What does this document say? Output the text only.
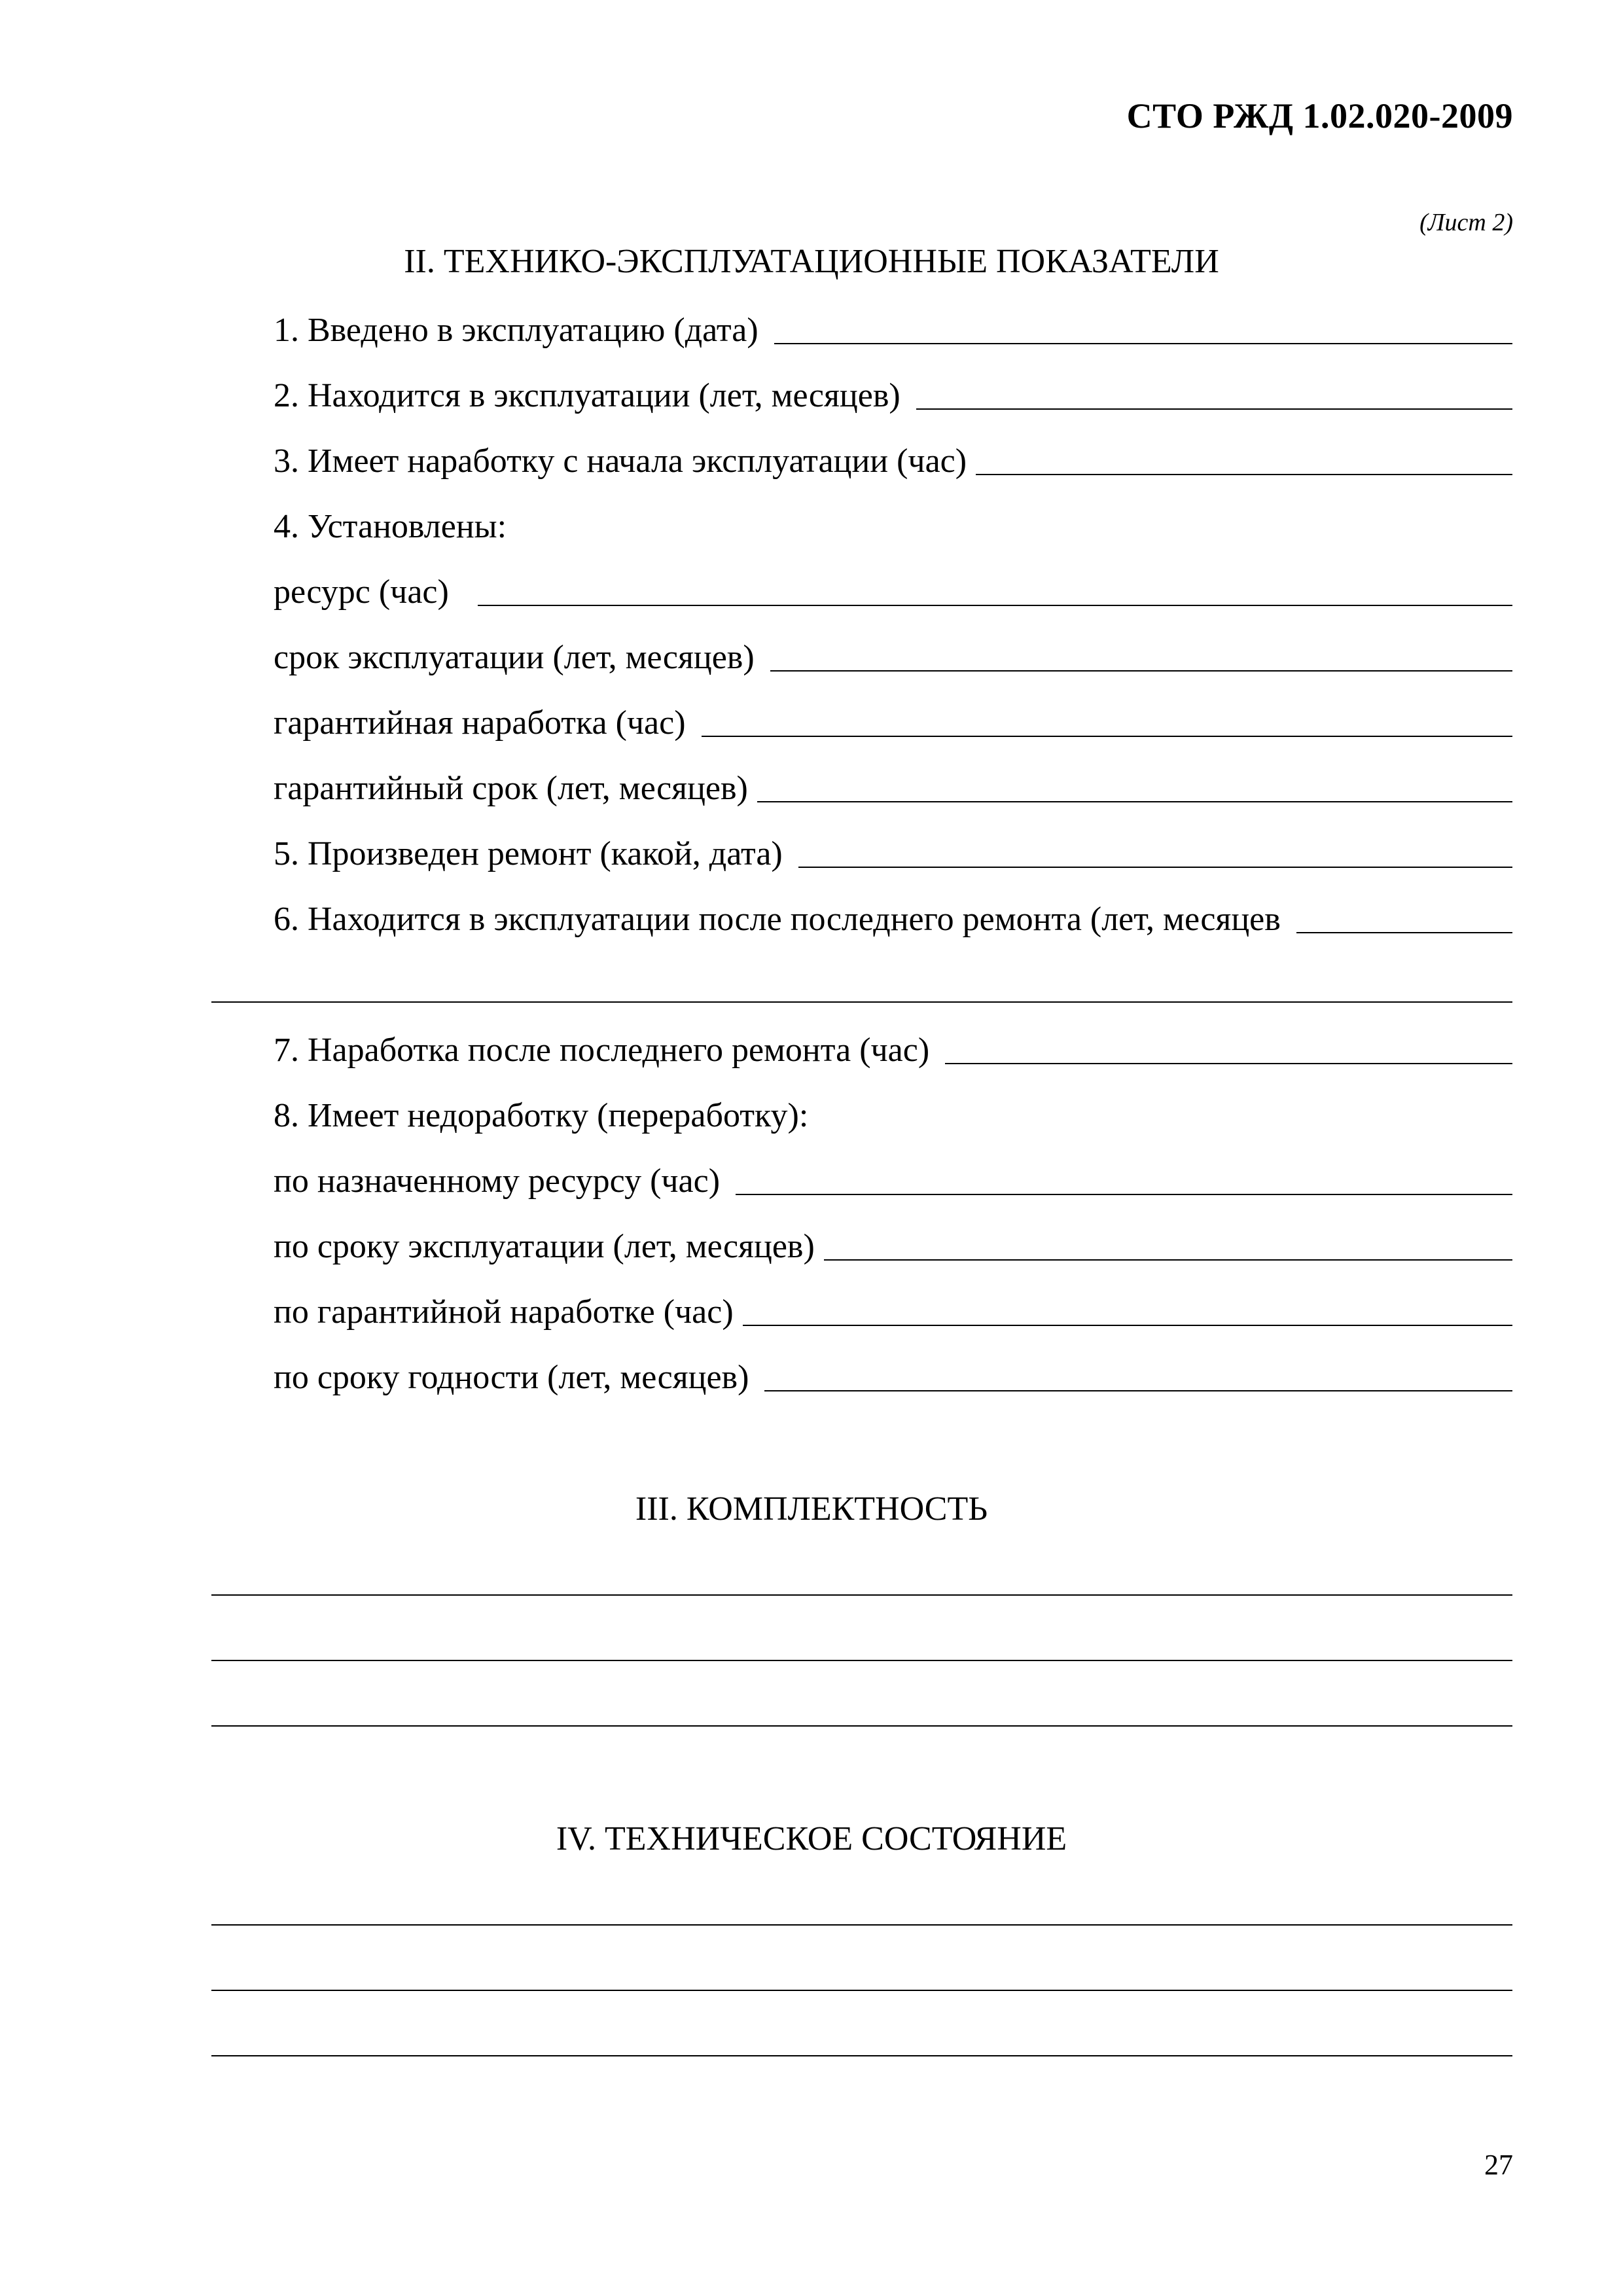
СТО РЖД 1.02.020-2009
(Лист 2)
II. ТЕХНИКО-ЭКСПЛУАТАЦИОННЫЕ ПОКАЗАТЕЛИ
1. Введено в эксплуатацию (дата)
2. Находится в эксплуатации (лет, месяцев)
3. Имеет наработку с начала эксплуатации (час)
4. Установлены:
ресурс (час)
срок эксплуатации (лет, месяцев)
гарантийная наработка (час)
гарантийный срок (лет, месяцев)
5. Произведен ремонт (какой, дата)
6. Находится в эксплуатации после последнего ремонта (лет, месяцев
7. Наработка после последнего ремонта (час)
8. Имеет недоработку (переработку):
по назначенному ресурсу (час)
по сроку эксплуатации (лет, месяцев)
по гарантийной наработке (час)
по сроку годности (лет, месяцев)
III. КОМПЛЕКТНОСТЬ
IV. ТЕХНИЧЕСКОЕ СОСТОЯНИЕ
27
